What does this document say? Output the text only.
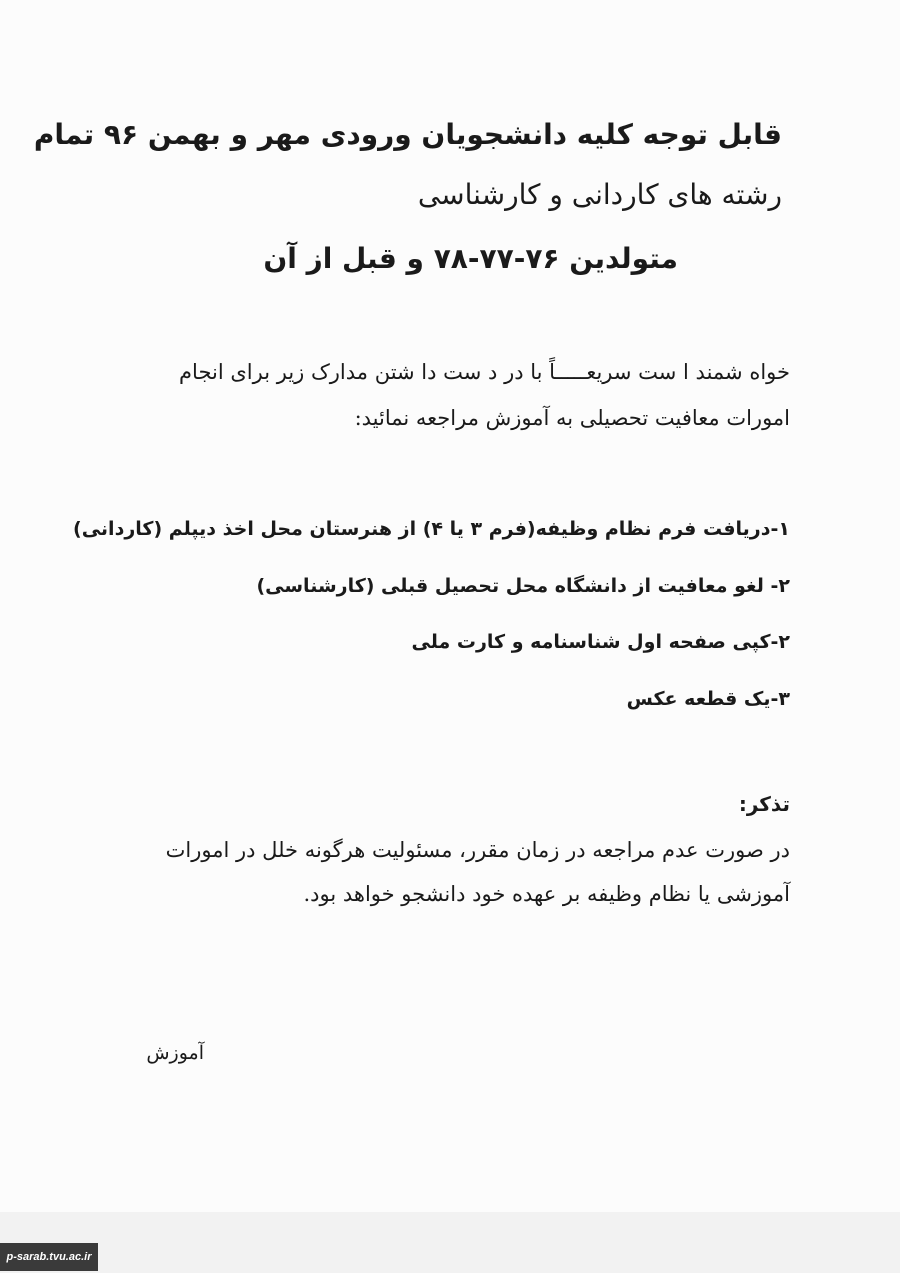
قابل توجه کلیه دانشجویان ورودی مهر و بهمن ۹۶ تمام
رشته های کاردانی و کارشناسی
متولدین ۷۶-۷۷-۷۸ و قبل از آن
خواه شمند ا ست سریعـــــاً با در د ست دا شتن مدارک زیر برای انجام
امورات معافیت تحصیلی به آموزش مراجعه نمائید:
۱-دریافت فرم نظام وظیفه(فرم ۳ یا ۴) از هنرستان محل اخذ دیپلم (کاردانی)
۲- لغو معافیت از دانشگاه محل تحصیل قبلی (کارشناسی)
۲-کپی صفحه اول شناسنامه و کارت ملی
۳-یک قطعه عکس
تذکر:
در صورت عدم مراجعه در زمان مقرر، مسئولیت هرگونه خلل در امورات
آموزشی یا نظام وظیفه بر عهده خود دانشجو خواهد بود.
آموزش
p-sarab.tvu.ac.ir
